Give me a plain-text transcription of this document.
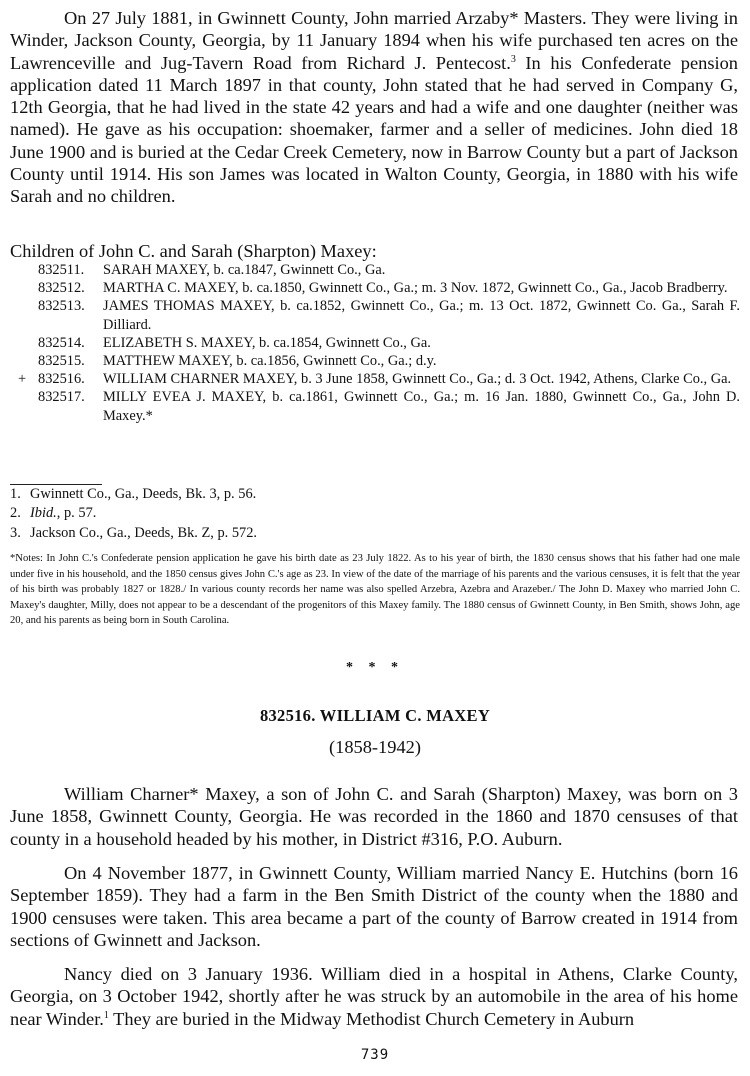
On 27 July 1881, in Gwinnett County, John married Arzaby* Masters. They were living in Winder, Jackson County, Georgia, by 11 January 1894 when his wife purchased ten acres on the Lawrenceville and Jug-Tavern Road from Richard J. Pentecost.$^3$ In his Confederate pension application dated 11 March 1897 in that county, John stated that he had served in Company G, 12th Georgia, that he had lived in the state 42 years and had a wife and one daughter (neither was named). He gave as his occupation: shoemaker, farmer and a seller of medicines. John died 18 June 1900 and is buried at the Cedar Creek Cemetery, now in Barrow County but a part of Jackson County until 1914. His son James was located in Walton County, Georgia, in 1880 with his wife Sarah and no children.

Children of John C. and Sarah (Sharpton) Maxey:

832511.	SARAH MAXEY, b. ca.1847, Gwinnett Co., Ga.
832512.	MARTHA C. MAXEY, b. ca.1850, Gwinnett Co., Ga.; m. 3 Nov. 1872, Gwinnett Co., Ga., Jacob Bradberry.
832513.	JAMES THOMAS MAXEY, b. ca.1852, Gwinnett Co., Ga.; m. 13 Oct. 1872, Gwinnett Co. Ga., Sarah F. Dilliard.
832514.	ELIZABETH S. MAXEY, b. ca.1854, Gwinnett Co., Ga.
832515.	MATTHEW MAXEY, b. ca.1856, Gwinnett Co., Ga.; d.y.
+ 832516.	WILLIAM CHARNER MAXEY, b. 3 June 1858, Gwinnett Co., Ga.; d. 3 Oct. 1942, Athens, Clarke Co., Ga.
832517.	MILLY EVEA J. MAXEY, b. ca.1861, Gwinnett Co., Ga.; m. 16 Jan. 1880, Gwinnett Co., Ga., John D. Maxey.*
1. Gwinnett Co., Ga., Deeds, Bk. 3, p. 56.
2. Ibid., p. 57.
3. Jackson Co., Ga., Deeds, Bk. Z, p. 572.

*Notes: In John C.'s Confederate pension application he gave his birth date as 23 July 1822. As to his year of birth, the 1830 census shows that his father had one male under five in his household, and the 1850 census gives John C.'s age as 23. In view of the date of the marriage of his parents and the various censuses, it is felt that the year of his birth was probably 1827 or 1828./ In various county records her name was also spelled Arzebra, Azebra and Arazeber./ The John D. Maxey who married John C. Maxey's daughter, Milly, does not appear to be a descendant of the progenitors of this Maxey family. The 1880 census of Gwinnett County, in Ben Smith, shows John, age 20, and his parents as being born in South Carolina.

* * *
832516. WILLIAM C. MAXEY
(1858-1942)

William Charner* Maxey, a son of John C. and Sarah (Sharpton) Maxey, was born on 3 June 1858, Gwinnett County, Georgia. He was recorded in the 1860 and 1870 censuses of that county in a household headed by his mother, in District #316, P.O. Auburn.

On 4 November 1877, in Gwinnett County, William married Nancy E. Hutchins (born 16 September 1859). They had a farm in the Ben Smith District of the county when the 1880 and 1900 censuses were taken. This area became a part of the county of Barrow created in 1914 from sections of Gwinnett and Jackson.

Nancy died on 3 January 1936. William died in a hospital in Athens, Clarke County, Georgia, on 3 October 1942, shortly after he was struck by an automobile in the area of his home near Winder.$^1$ They are buried in the Midway Methodist Church Cemetery in Auburn

739
